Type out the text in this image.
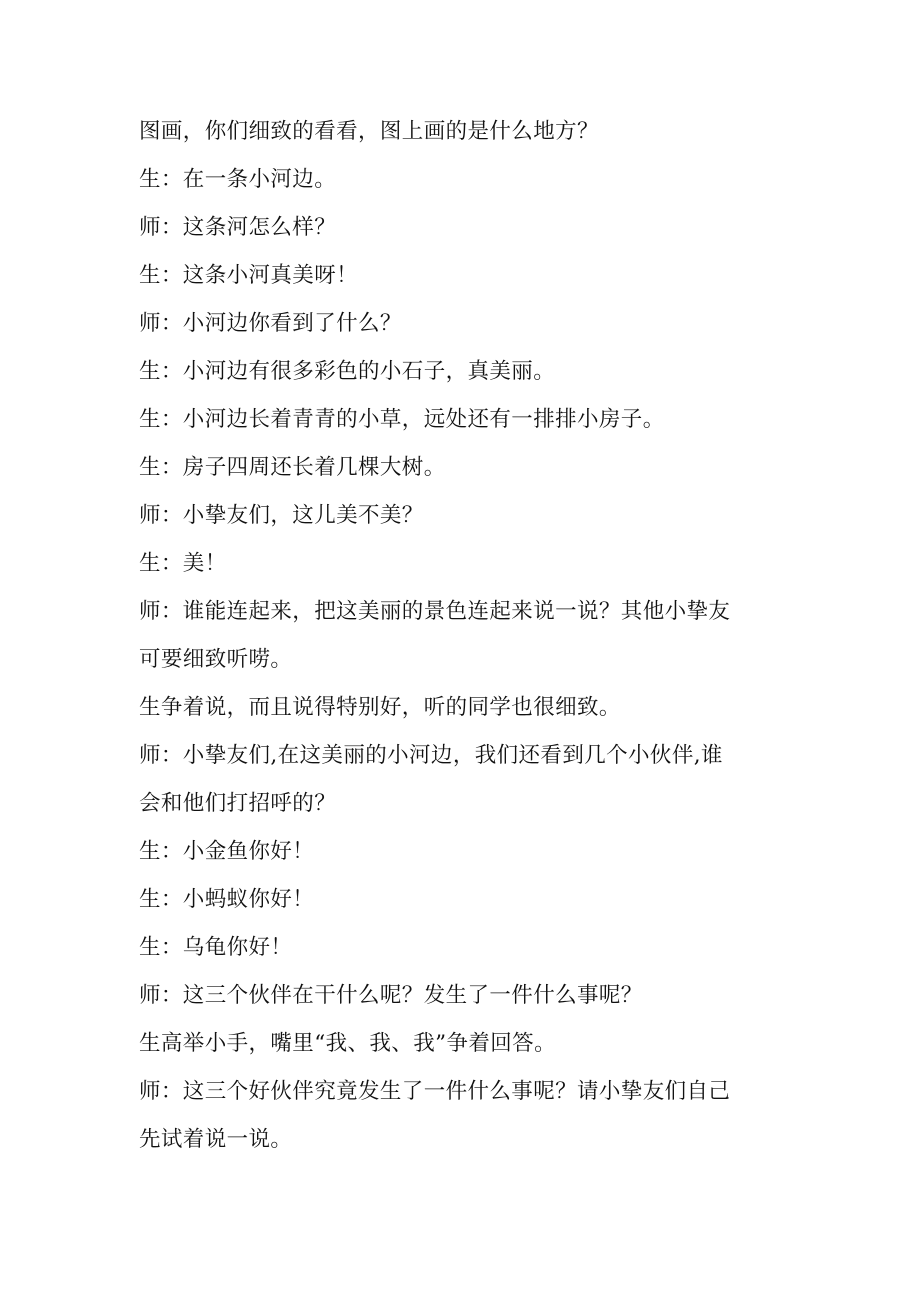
图画，你们细致的看看，图上画的是什么地方？

生：在一条小河边。

师：这条河怎么样？

生：这条小河真美呀！

师：小河边你看到了什么？

生：小河边有很多彩色的小石子，真美丽。

生：小河边长着青青的小草，远处还有一排排小房子。

生：房子四周还长着几棵大树。

师：小挚友们，这儿美不美？

生：美！

师：谁能连起来，把这美丽的景色连起来说一说？其他小挚友

可要细致听唠。

生争着说，而且说得特别好，听的同学也很细致。

师：小挚友们,在这美丽的小河边，我们还看到几个小伙伴,谁

会和他们打招呼的？

生：小金鱼你好！

生：小蚂蚁你好！

生：乌龟你好！

师：这三个伙伴在干什么呢？发生了一件什么事呢？

生高举小手，嘴里“我、我、我”争着回答。

师：这三个好伙伴究竟发生了一件什么事呢？请小挚友们自己

先试着说一说。
